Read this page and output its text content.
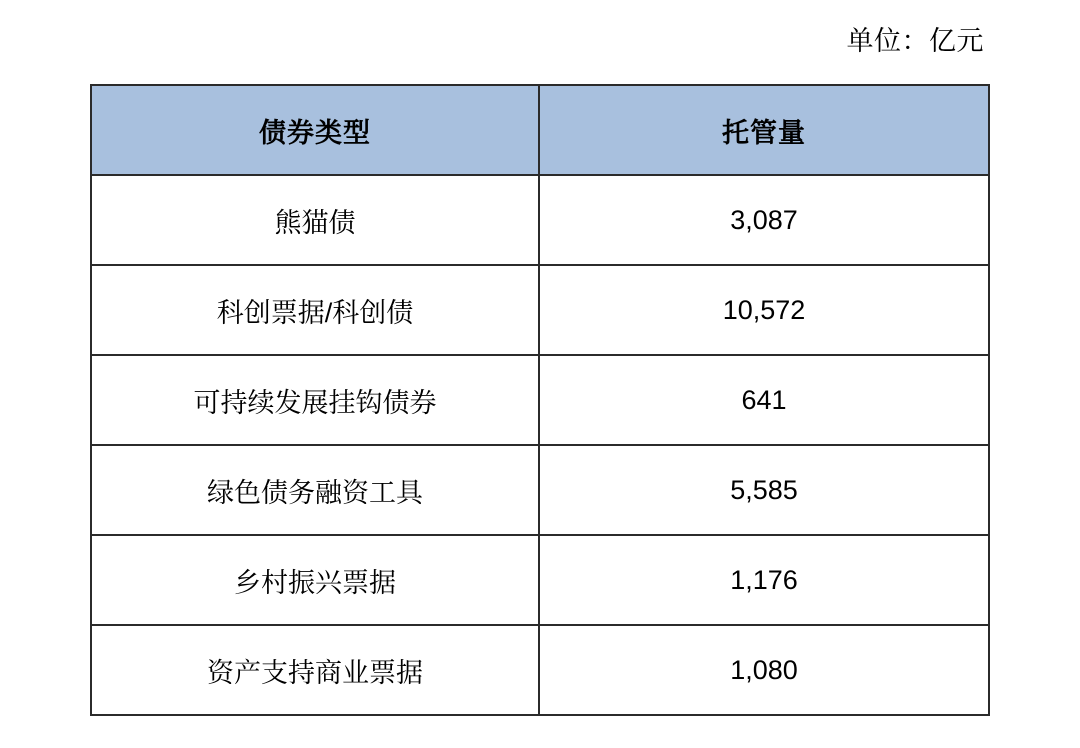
单位：亿元
债券类型	托管量
熊猫债	3,087
科创票据/科创债	10,572
可持续发展挂钩债券	641
绿色债务融资工具	5,585
乡村振兴票据	1,176
资产支持商业票据	1,080
